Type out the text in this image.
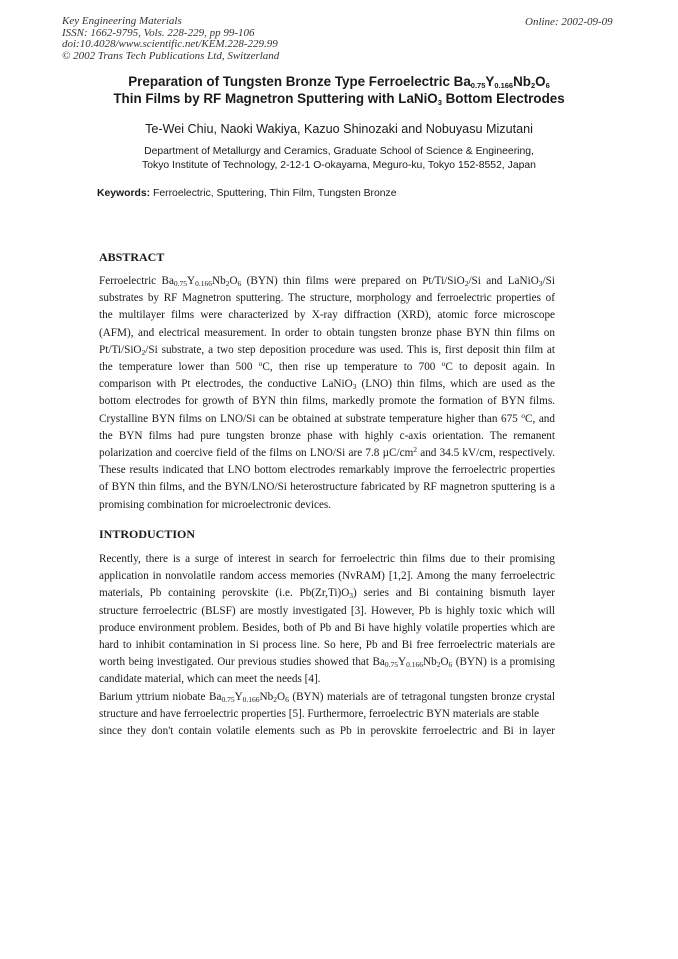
Key Engineering Materials
ISSN: 1662-9795, Vols. 228-229, pp 99-106
doi:10.4028/www.scientific.net/KEM.228-229.99
© 2002 Trans Tech Publications Ltd, Switzerland
Online: 2002-09-09
Preparation of Tungsten Bronze Type Ferroelectric $Ba_{0.75}Y_{0.166}Nb_2O_6$
Thin Films by RF Magnetron Sputtering with LaNiO$_3$ Bottom Electrodes
Te-Wei Chiu, Naoki Wakiya, Kazuo Shinozaki and Nobuyasu Mizutani
Department of Metallurgy and Ceramics, Graduate School of Science & Engineering,
Tokyo Institute of Technology, 2-12-1 O-okayama, Meguro-ku, Tokyo 152-8552, Japan
Keywords: Ferroelectric, Sputtering, Thin Film, Tungsten Bronze
ABSTRACT
Ferroelectric $Ba_{0.75}Y_{0.166}Nb_2O_6$ (BYN) thin films were prepared on Pt/Ti/SiO$_2$/Si and LaNiO$_3$/Si
substrates by RF Magnetron sputtering. The structure, morphology and ferroelectric properties of
the multilayer films were characterized by X-ray diffraction (XRD), atomic force microscope
(AFM), and electrical measurement. In order to obtain tungsten bronze phase BYN thin films on
Pt/Ti/SiO$_2$/Si substrate, a two step deposition procedure was used. This is, first deposit thin film at
the temperature lower than 500 $^o$C, then rise up temperature to 700 $^o$C to deposit again. In
comparison with Pt electrodes, the conductive LaNiO$_3$ (LNO) thin films, which are used as the
bottom electrodes for growth of BYN thin films, markedly promote the formation of BYN films.
Crystalline BYN films on LNO/Si can be obtained at substrate temperature higher than 675 $^o$C, and
the BYN films had pure tungsten bronze phase with highly c-axis orientation. The remanent
polarization and coercive field of the films on LNO/Si are 7.8 $\mu C/cm^2$ and 34.5 kV/cm, respectively.
These results indicated that LNO bottom electrodes remarkably improve the ferroelectric properties
of BYN thin films, and the BYN/LNO/Si heterostructure fabricated by RF magnetron sputtering is a
promising combination for microelectronic devices.
INTRODUCTION
Recently, there is a surge of interest in search for ferroelectric thin films due to their promising
application in nonvolatile random access memories (NvRAM) [1,2]. Among the many ferroelectric
materials, Pb containing perovskite (i.e. $Pb(Zr,Ti)O_3$) series and Bi containing bismuth layer
structure ferroelectric (BLSF) are mostly investigated [3]. However, Pb is highly toxic which will
produce environment problem. Besides, both of Pb and Bi have highly volatile properties which are
hard to inhibit contamination in Si process line. So here, Pb and Bi free ferroelectric materials are
worth being investigated. Our previous studies showed that $Ba_{0.75}Y_{0.166}Nb_2O_6$ (BYN) is a promising
candidate material, which can meet the needs [4].
Barium yttrium niobate $Ba_{0.75}Y_{0.166}Nb_2O_6$ (BYN) materials are of tetragonal tungsten bronze crystal
structure and have ferroelectric properties [5]. Furthermore, ferroelectric BYN materials are stable
since they don't contain volatile elements such as Pb in perovskite ferroelectric and Bi in layer
